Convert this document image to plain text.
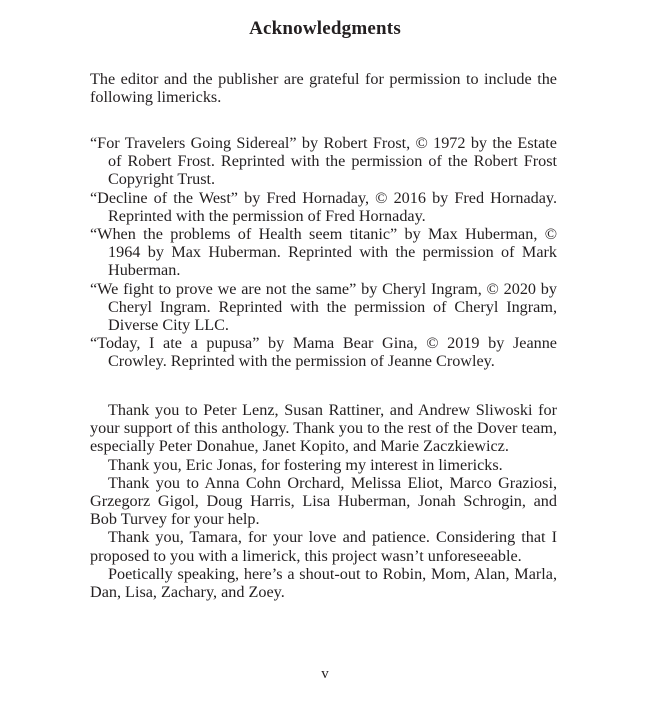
Acknowledgments
The editor and the publisher are grateful for permission to include the following limericks.

“For Travelers Going Sidereal” by Robert Frost, © 1972 by the Estate of Robert Frost. Reprinted with the permission of the Robert Frost Copyright Trust.

“Decline of the West” by Fred Hornaday, © 2016 by Fred Hornaday. Reprinted with the permission of Fred Hornaday.

“When the problems of Health seem titanic” by Max Huberman, © 1964 by Max Huberman. Reprinted with the permission of Mark Huberman.

“We fight to prove we are not the same” by Cheryl Ingram, © 2020 by Cheryl Ingram. Reprinted with the permission of Cheryl Ingram, Diverse City LLC.

“Today, I ate a pupusa” by Mama Bear Gina, © 2019 by Jeanne Crowley. Reprinted with the permission of Jeanne Crowley.

Thank you to Peter Lenz, Susan Rattiner, and Andrew Sliwoski for your support of this anthology. Thank you to the rest of the Dover team, especially Peter Donahue, Janet Kopito, and Marie Zaczkiewicz.

Thank you, Eric Jonas, for fostering my interest in limericks.

Thank you to Anna Cohn Orchard, Melissa Eliot, Marco Graziosi, Grzegorz Gigol, Doug Harris, Lisa Huberman, Jonah Schrogin, and Bob Turvey for your help.

Thank you, Tamara, for your love and patience. Considering that I proposed to you with a limerick, this project wasn’t unforeseeable.

Poetically speaking, here’s a shout-out to Robin, Mom, Alan, Marla, Dan, Lisa, Zachary, and Zoey.

v
